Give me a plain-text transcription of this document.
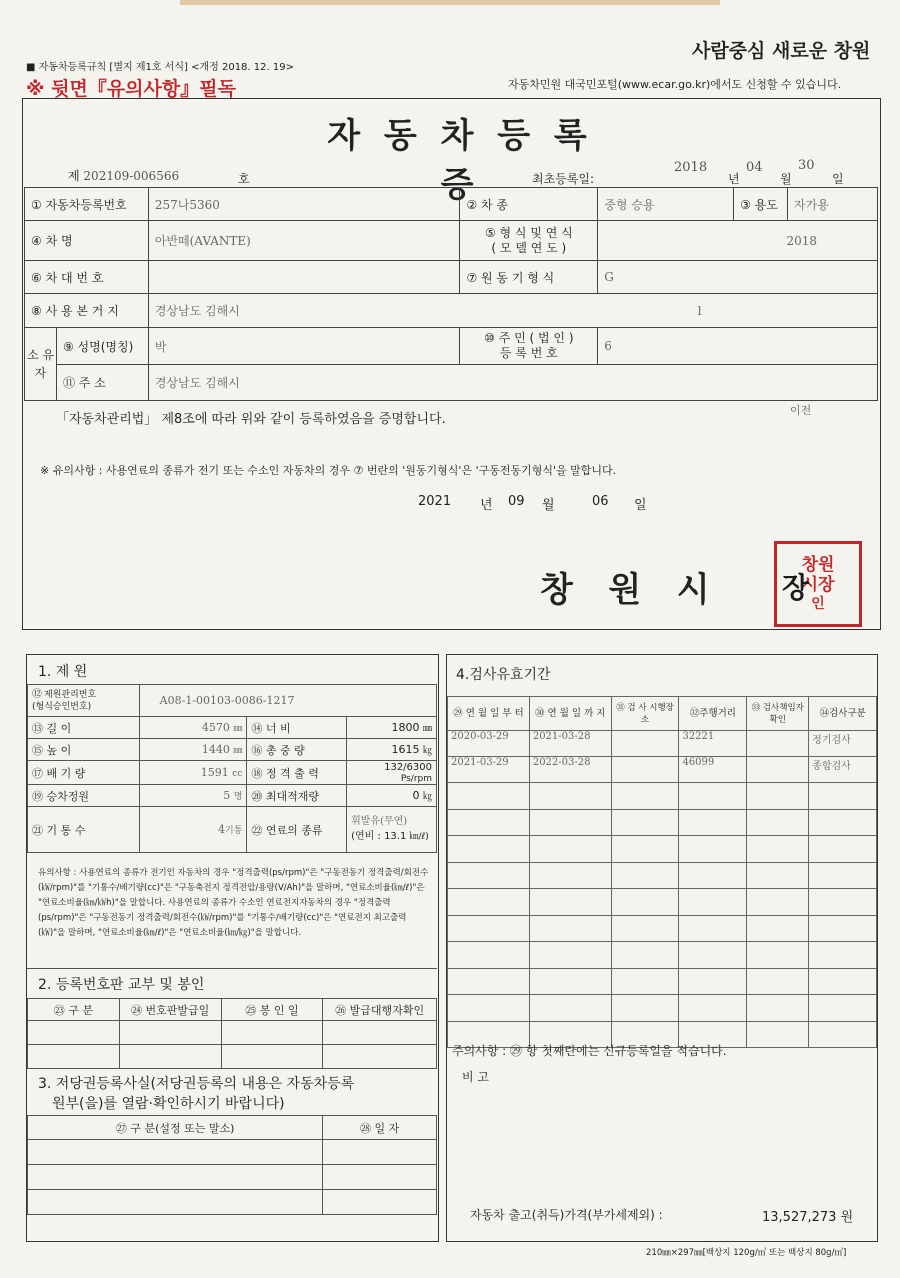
■ 자동차등록규칙 [별지 제1호 서식] <개정 2018. 12. 19>
※ 뒷면『유의사항』필독
사람중심 새로운 창원
자동차민원 대국민포털(www.ecar.go.kr)에서도 신청할 수 있습니다.
자 동 차 등 록 증
제 202109-006566	호	최초등록일:
2018
년
04
월
30
일
① 자동차등록번호		257나5360	② 차 종	중형 승용	③ 용도	자가용
④ 차 명		아반떼(AVANTE)	⑤ 형 식 및 연 식
( 모 델 연 도 )	2018		
⑥ 차 대 번 호			⑦ 원 동 기 형 식	G		
⑧ 사 용 본 거 지		경상남도 김해시		l		
소 유 자	⑨ 성명(명칭)	박	⑩ 주 민 ( 법 인 )
등 록 번 호	6		
	⑪ 주 소	경상남도 김해시				
이전
「자동차관리법」 제8조에 따라 위와 같이 등록하였음을 증명합니다.
※ 유의사항 : 사용연료의 종류가 전기 또는 수소인 자동차의 경우 ⑦ 번란의 '원동기형식'은 '구동전동기형식'을 말합니다.
2021 년 09 월	06 일
창   원   시
창원
시장
인
장
1. 제 원
⑫ 제원관리번호
(형식승인번호)	A08-1-00103-0086-1217		
⑬ 길 이	4570 ㎜	⑭ 너 비	1800 ㎜
⑮ 높 이	1440 ㎜	⑯ 총 중 량	1615 ㎏
⑰ 배 기 량	1591 cc	⑱ 정 격 출 력	132/6300 Ps/rpm
⑲ 승차정원	5 명	⑳ 최대적재량	0 ㎏
㉑ 기 통 수	4기통	㉒ 연료의 종류	휘발유(무연)
(연비 : 13.1 ㎞/ℓ)
유의사항 : 사용연료의 종류가 전기인 자동차의 경우 "정격출력(ps/rpm)"은 "구동전동기 정격출력/회전수(㎾/rpm)"를 "기통수/배기량(cc)"은 "구동축전지 정격전압/용량(V/Ah)"을 말하며, "연료소비율(㎞/ℓ)"은 "연료소비율(㎞/㎾h)"을 말합니다. 사용연료의 종류가 수소인 연료전지자동차의 경우 "정격출력(ps/rpm)"은 "구동전동기 정격출력/회전수(㎾/rpm)"를 "기통수/배기량(cc)"은 "연료전지 최고출력(㎾)"을 말하며, "연료소비율(㎞/ℓ)"은 "연료소비율(㎞/㎏)"을 말합니다.
2. 등록번호판 교부 및 봉인
㉓ 구 분	㉔ 번호판발급일	㉕ 봉 인 일	㉖ 발급대행자확인

3. 저당권등록사실(저당권등록의 내용은 자동차등록
원부(을)를 열람·확인하시기 바랍니다)
㉗ 구 분(설정 또는 말소)	㉘ 일 자

4.검사유효기간
㉙ 연 월 일 부 터	㉚ 연 월 일 까 지	㉛ 검 사 시행장소	㉜주행거리	㉝ 검사책임자 확인	㉞검사구분
2020-03-29	2021-03-28		32221		정기검사
2021-03-29	2022-03-28		46099		종합검사

주의사항 : ㉙ 항 첫째란에는 신규등록일을 적습니다.
비 고
자동차 출고(취득)가격(부가세제외) :	13,527,273 원
210㎜×297㎜[백상지 120g/㎡ 또는 백상지 80g/㎡]
